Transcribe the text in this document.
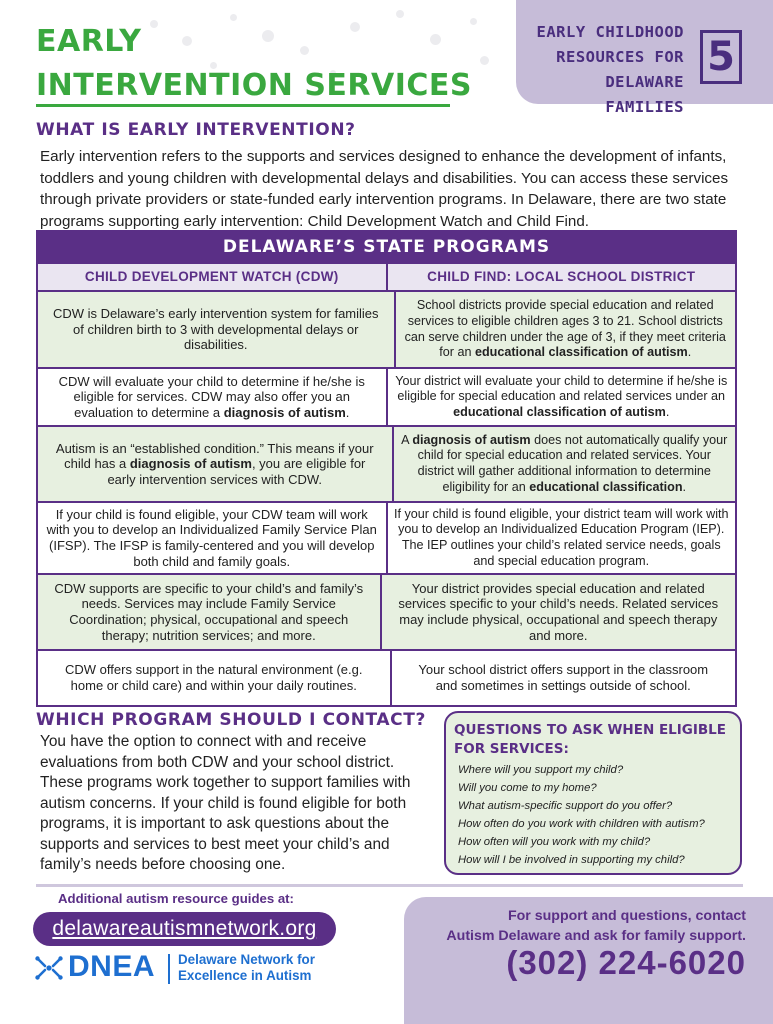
EARLY
INTERVENTION SERVICES
EARLY CHILDHOOD
RESOURCES FOR
DELAWARE FAMILIES
5
WHAT IS EARLY INTERVENTION?

Early intervention refers to the supports and services designed to enhance the development of infants, toddlers and young children with developmental delays and disabilities. You can access these services through private providers or state-funded early intervention programs. In Delaware, there are two state programs supporting early intervention: Child Development Watch and Child Find.

DELAWARE’S STATE PROGRAMS
CHILD DEVELOPMENT WATCH (CDW)	CHILD FIND: LOCAL SCHOOL DISTRICT
CDW is Delaware’s early intervention system for families of children birth to 3 with developmental delays or disabilities.
School districts provide special education and related services to eligible children ages 3 to 21. School districts can serve children under the age of 3, if they meet criteria for an educational classification of autism.
CDW will evaluate your child to determine if he/she is eligible for services. CDW may also offer you an evaluation to determine a diagnosis of autism.
Your district will evaluate your child to determine if he/she is eligible for special education and related services under an educational classification of autism.
Autism is an “established condition.” This means if your child has a diagnosis of autism, you are eligible for early intervention services with CDW.
A diagnosis of autism does not automatically qualify your child for special education and related services. Your district will gather additional information to determine eligibility for an educational classification.
If your child is found eligible, your CDW team will work with you to develop an Individualized Family Service Plan (IFSP). The IFSP is family-centered and you will develop both child and family goals.
If your child is found eligible, your district team will work with you to develop an Individualized Education Program (IEP). The IEP outlines your child’s related service needs, goals and special education program.
CDW supports are specific to your child’s and family’s needs. Services may include Family Service Coordination; physical, occupational and speech therapy; nutrition services; and more.
Your district provides special education and related services specific to your child’s needs. Related services may include physical, occupational and speech therapy and more.
CDW offers support in the natural environment (e.g. home or child care) and within your daily routines.
Your school district offers support in the classroom and sometimes in settings outside of school.
WHICH PROGRAM SHOULD I CONTACT?

You have the option to connect with and receive evaluations from both CDW and your school district. These programs work together to support families with autism concerns. If your child is found eligible for both programs, it is important to ask questions about the supports and services to best meet your child’s and family’s needs before choosing one.

QUESTIONS TO ASK WHEN ELIGIBLE FOR SERVICES:
Where will you support my child?
Will you come to my home?
What autism-specific support do you offer?
How often do you work with children with autism?
How often will you work with my child?
How will I be involved in supporting my child?
Additional autism resource guides at:
delawareautismnetwork.org
DNEA Delaware Network for
Excellence in Autism
For support and questions, contact
Autism Delaware and ask for family support.
(302) 224-6020
